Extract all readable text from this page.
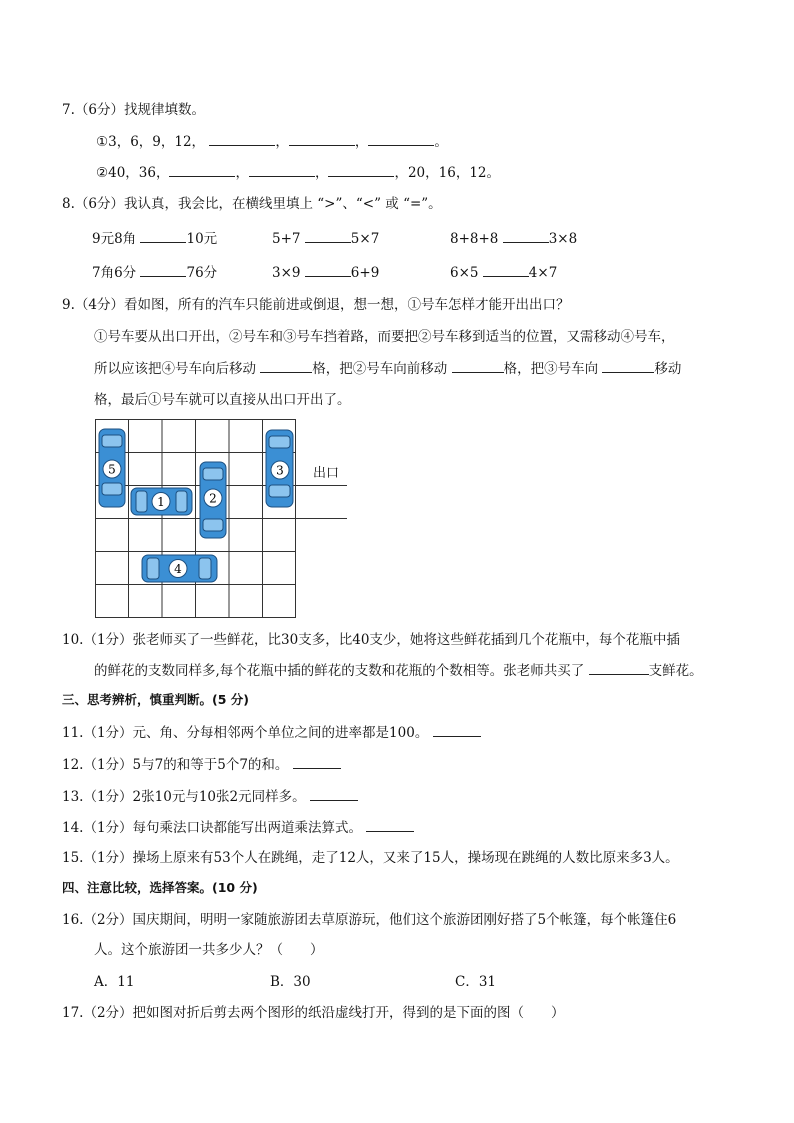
7.（6分）找规律填数。
①3，6，9，12，	，	，	。
②40，36，	，	，	，20，16，12。
8.（6分）我认真，我会比，在横线里填上 “>”、“<” 或 “=”。
9元8角	10元	5+7	5×7	8+8+8	3×8
7角6分	76分	3×9	6+9	6×5	4×7
9.（4分）看如图，所有的汽车只能前进或倒退，想一想，①号车怎样才能开出出口？
①号车要从出口开出，②号车和③号车挡着路，而要把②号车移到适当的位置，又需移动④号车，
所以应该把④号车向后移动	格，把②号车向前移动	格，把③号车向	移动
格，最后①号车就可以直接从出口开出了。
出口
5
1	2
3
4
10.（1分）张老师买了一些鲜花，比30支多，比40支少，她将这些鲜花插到几个花瓶中，每个花瓶中插
的鲜花的支数同样多,每个花瓶中插的鲜花的支数和花瓶的个数相等。张老师共买了	支鲜花。
三、思考辨析，慎重判断。(5 分)
11.（1分）元、角、分每相邻两个单位之间的进率都是100。
12.（1分）5与7的和等于5个7的和。
13.（1分）2张10元与10张2元同样多。
14.（1分）每句乘法口诀都能写出两道乘法算式。
15.（1分）操场上原来有53个人在跳绳，走了12人，又来了15人，操场现在跳绳的人数比原来多3人。
四、注意比较，选择答案。(10 分)
16.（2分）国庆期间，明明一家随旅游团去草原游玩，他们这个旅游团刚好搭了5个帐篷，每个帐篷住6
人。这个旅游团一共多少人？（　　）
A．11	B．30	C．31
17.（2分）把如图对折后剪去两个图形的纸沿虚线打开，得到的是下面的图（　　）
